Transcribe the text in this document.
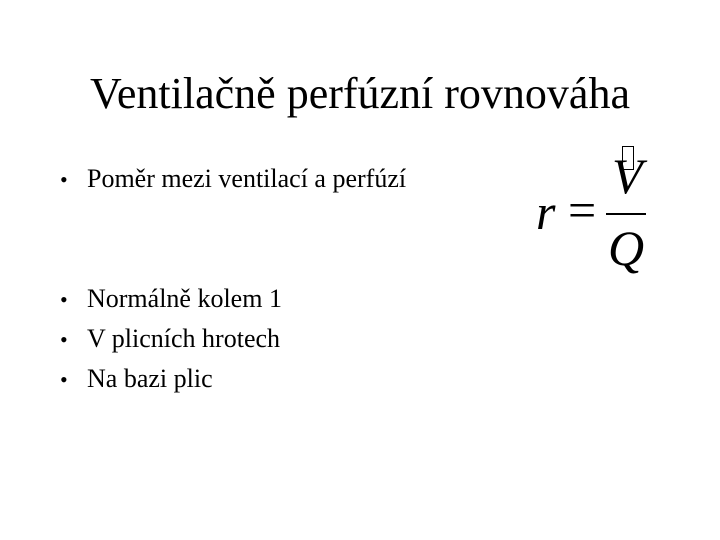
Ventilačně perfúzní rovnováha
• Poměr mezi ventilací a perfúzí
• Normálně kolem 1
• V plicních hrotech
• Na bazi plic
r =
V
Q
